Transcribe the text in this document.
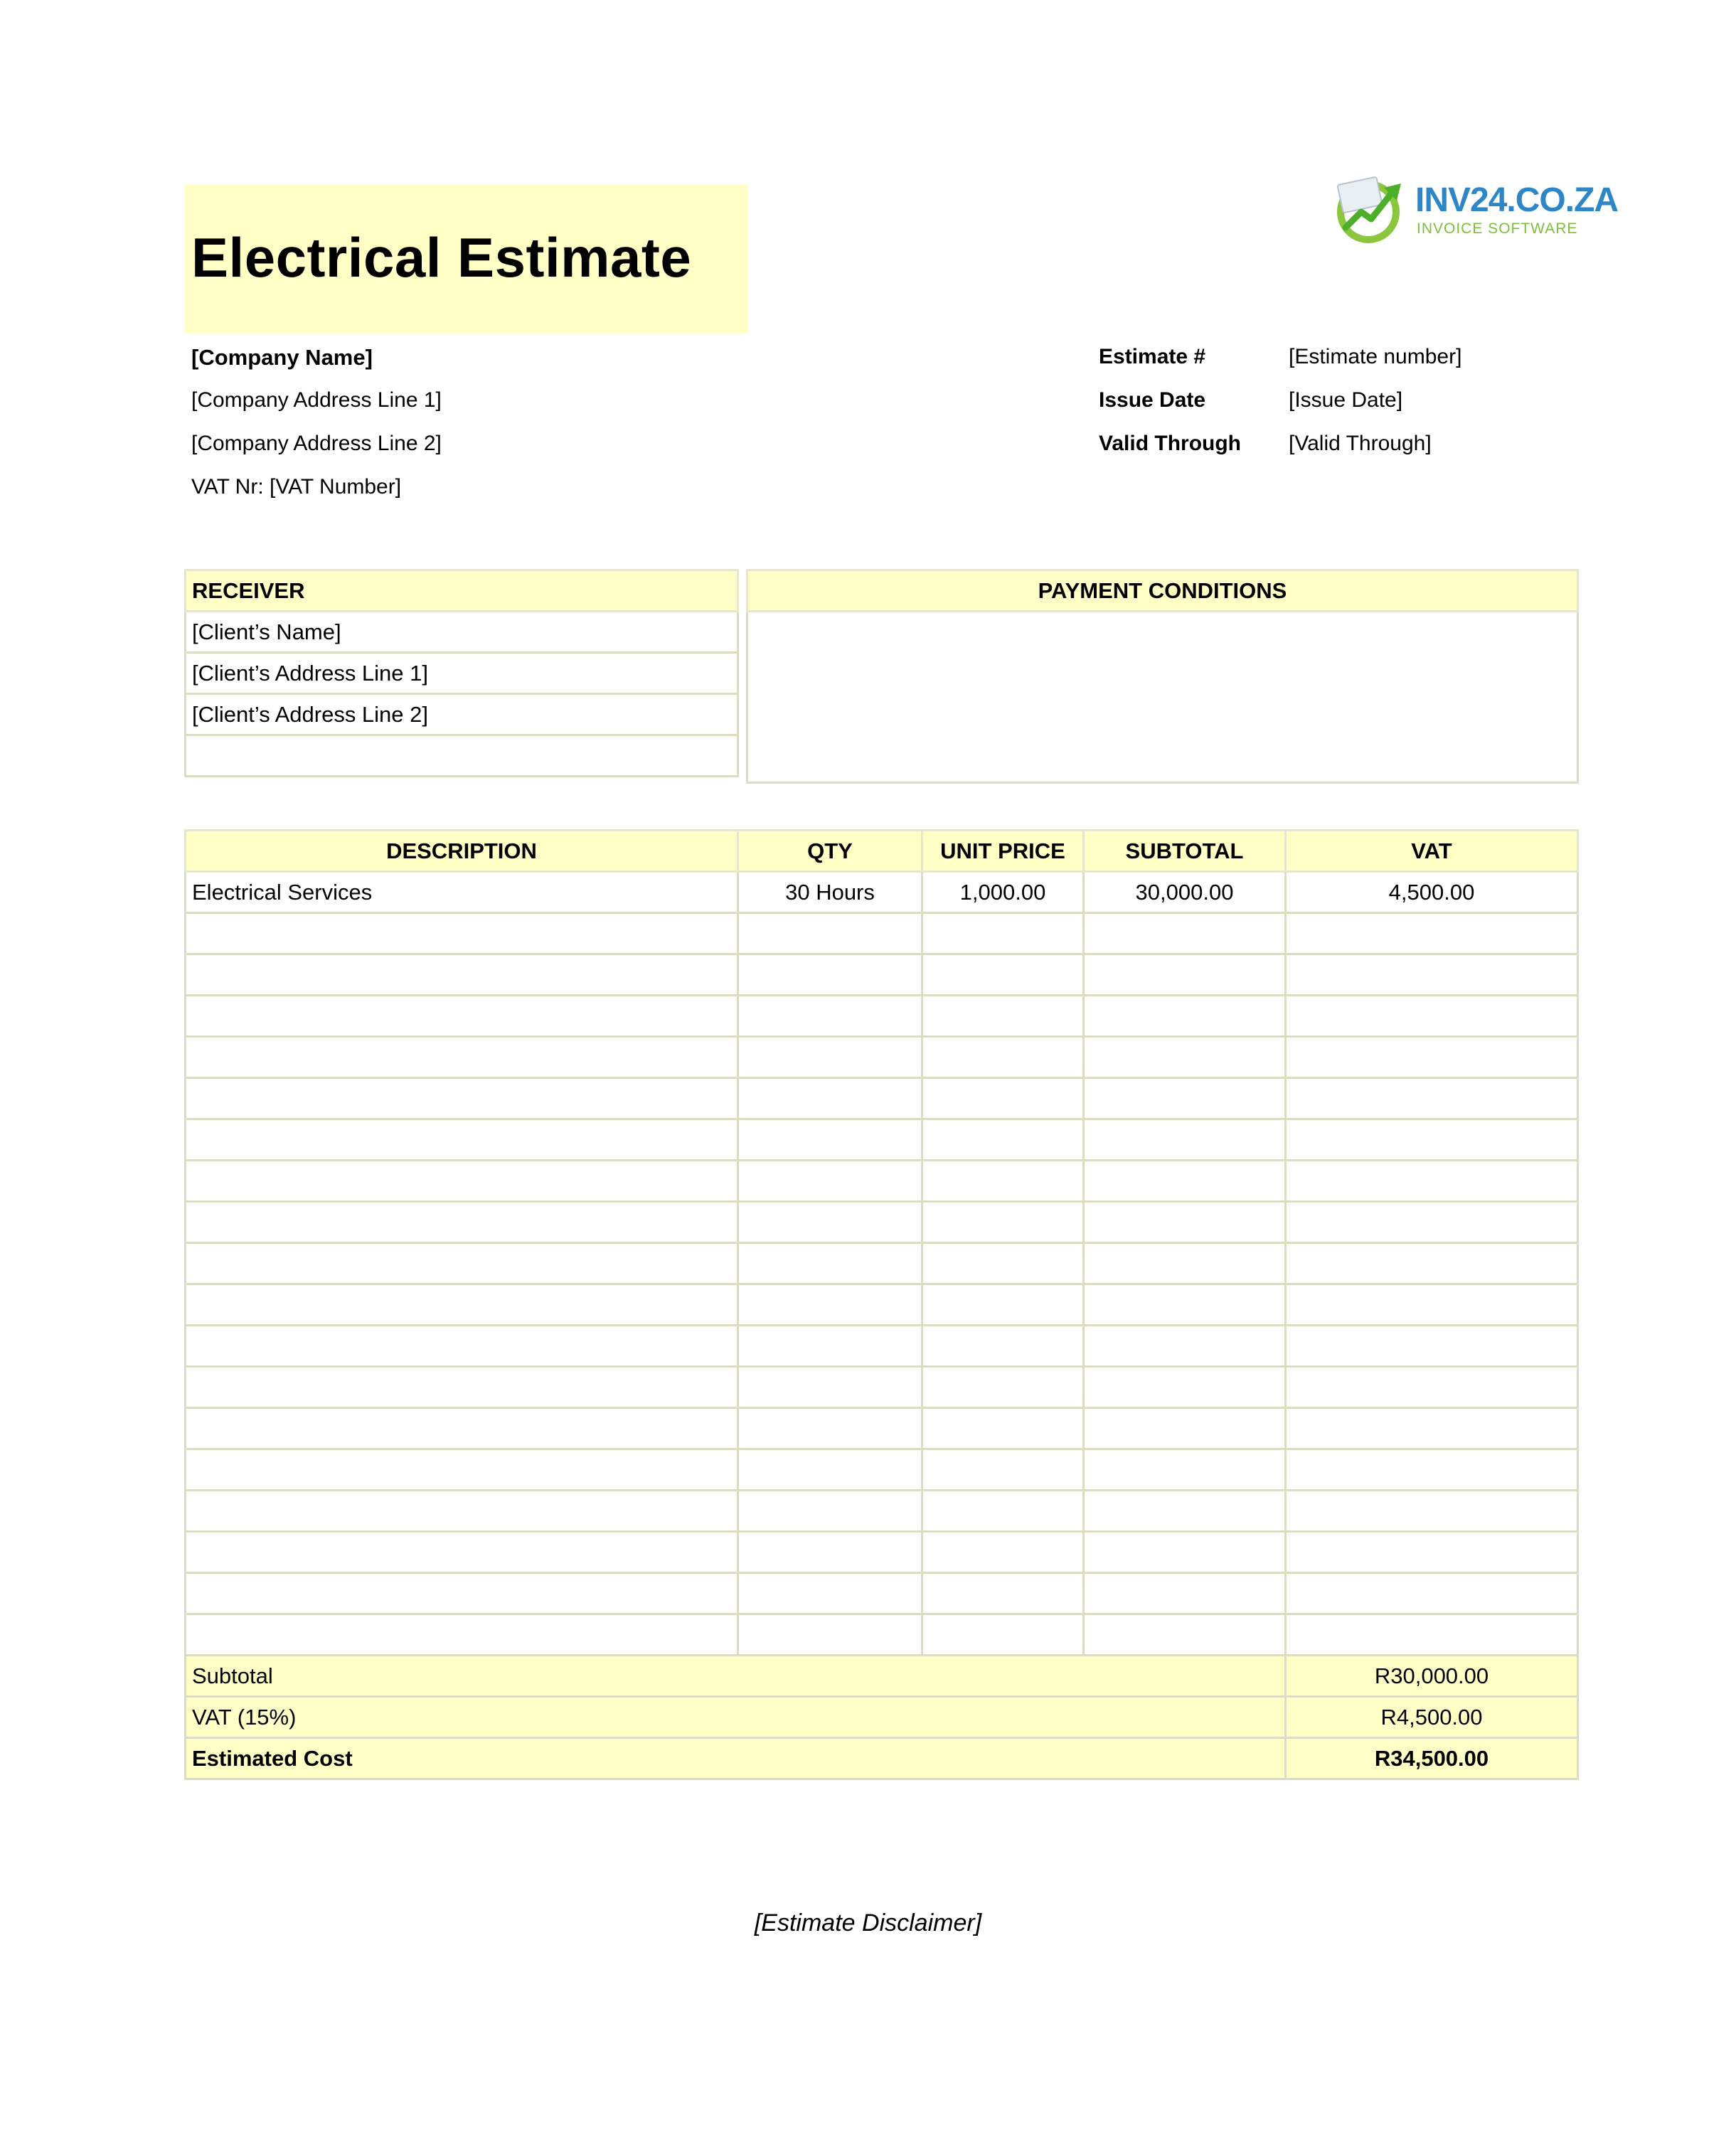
Electrical Estimate
INV24.CO.ZA
INVOICE SOFTWARE
[Company Name]
[Company Address Line 1]
[Company Address Line 2]
VAT Nr: [VAT Number]
Estimate #	[Estimate number]
Issue Date	[Issue Date]
Valid Through [Valid Through]
RECEIVER
[Client’s Name]
[Client’s Address Line 1]
[Client’s Address Line 2]

PAYMENT CONDITIONS

DESCRIPTION	QTY	UNIT PRICE	SUBTOTAL	VAT
Electrical Services	30 Hours	1,000.00	30,000.00	4,500.00

Subtotal				R30,000.00
VAT (15%)				R4,500.00
Estimated Cost				R34,500.00
[Estimate Disclaimer]
